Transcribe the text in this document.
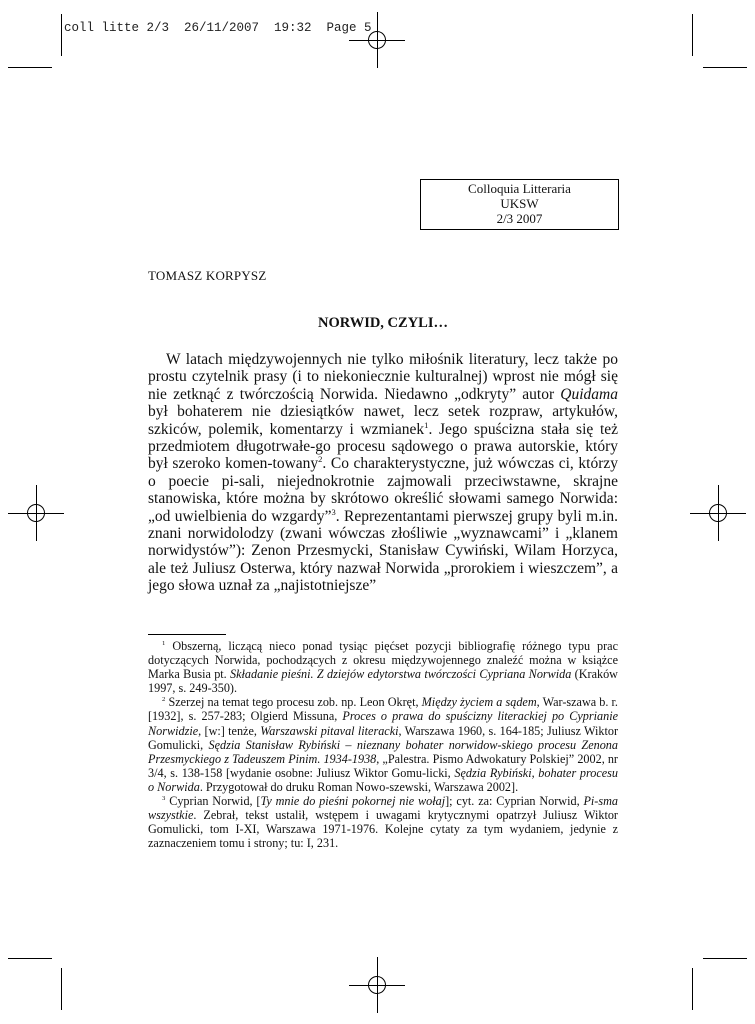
coll litte 2/3  26/11/2007  19:32  Page 5
Colloquia Litteraria
UKSW
2/3 2007
TOMASZ KORPYSZ
NORWID, CZYLI…
W latach międzywojennych nie tylko miłośnik literatury, lecz także po prostu czytelnik prasy (i to niekoniecznie kulturalnej) wprost nie mógł się nie zetknąć z twórczością Norwida. Niedawno „odkryty” autor Quidama był bohaterem nie dziesiątków nawet, lecz setek rozpraw, artykułów, szkiców, polemik, komentarzy i wzmianek$^1$. Jego spuścizna stała się też przedmiotem długotrwałe-go procesu sądowego o prawa autorskie, który był szeroko komen-towany$^2$. Co charakterystyczne, już wówczas ci, którzy o poecie pi-sali, niejednokrotnie zajmowali przeciwstawne, skrajne stanowiska, które można by skrótowo określić słowami samego Norwida: „od uwielbienia do wzgardy”$^3$. Reprezentantami pierwszej grupy byli m.in. znani norwidolodzy (zwani wówczas złośliwie „wyznawcami” i „klanem norwidystów”): Zenon Przesmycki, Stanisław Cywiński, Wilam Horzyca, ale też Juliusz Osterwa, który nazwał Norwida „prorokiem i wieszczem”, a jego słowa uznał za „najistotniejsze”

$^1$ Obszerną, liczącą nieco ponad tysiąc pięćset pozycji bibliografię różnego typu prac dotyczących Norwida, pochodzących z okresu międzywojennego znaleźć można w książce Marka Busia pt. Składanie pieśni. Z dziejów edytorstwa twórczości Cypriana Norwida (Kraków 1997, s. 249-350).

$^2$ Szerzej na temat tego procesu zob. np. Leon Okręt, Między życiem a sądem, War-szawa b. r. [1932], s. 257-283; Olgierd Missuna, Proces o prawa do spuścizny literackiej po Cyprianie Norwidzie, [w:] tenże, Warszawski pitaval literacki, Warszawa 1960, s. 164-185; Juliusz Wiktor Gomulicki, Sędzia Stanisław Rybiński – nieznany bohater norwidow-skiego procesu Zenona Przesmyckiego z Tadeuszem Pinim. 1934-1938, „Palestra. Pismo Adwokatury Polskiej” 2002, nr 3/4, s. 138-158 [wydanie osobne: Juliusz Wiktor Gomu-licki, Sędzia Rybiński, bohater procesu o Norwida. Przygotował do druku Roman Nowo-szewski, Warszawa 2002].

$^3$ Cyprian Norwid, [Ty mnie do pieśni pokornej nie wołaj]; cyt. za: Cyprian Norwid, Pi-sma wszystkie. Zebrał, tekst ustalił, wstępem i uwagami krytycznymi opatrzył Juliusz Wiktor Gomulicki, tom I-XI, Warszawa 1971-1976. Kolejne cytaty za tym wydaniem, jedynie z zaznaczeniem tomu i strony; tu: I, 231.
